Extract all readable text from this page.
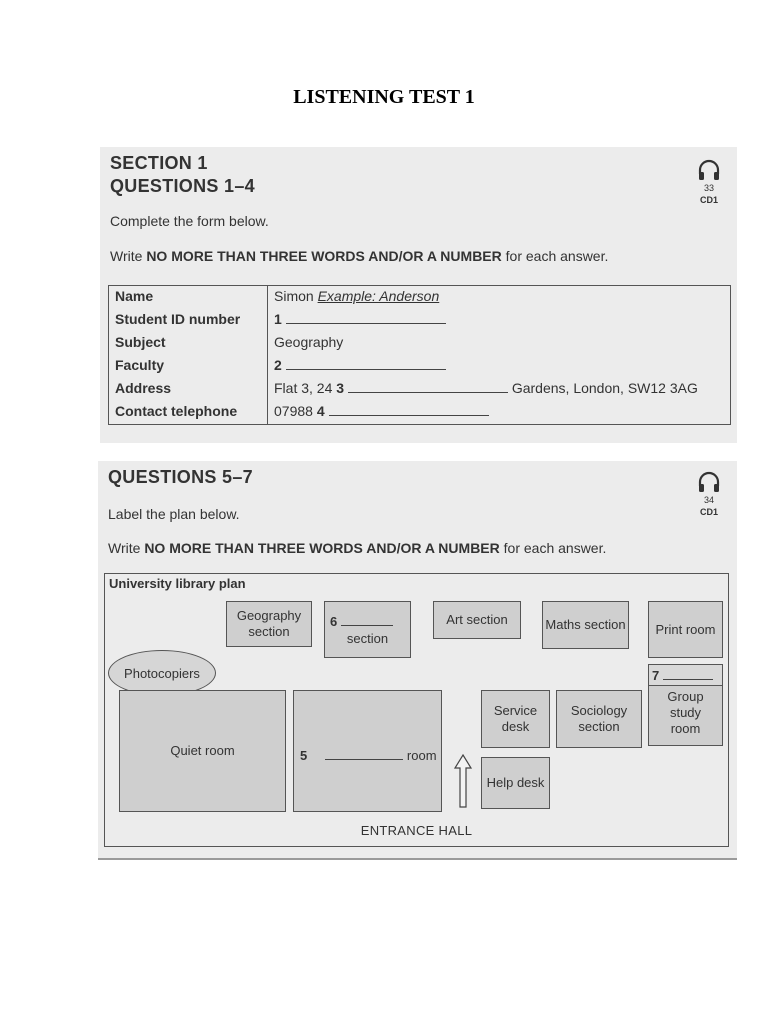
LISTENING TEST 1
SECTION 1
QUESTIONS 1–4	33
CD1
Complete the form below.
Write NO MORE THAN THREE WORDS AND/OR A NUMBER for each answer.
Name	Simon Example: Anderson
Student ID number 1
Subject	Geography
Faculty	2
Address	Flat 3, 24 3	Gardens, London, SW12 3AG
Contact telephone	07988 4
QUESTIONS 5–7
34
CD1
Label the plan below.
Write NO MORE THAN THREE WORDS AND/OR A NUMBER for each answer.
University library plan
Geography section
6
section
Art section	Maths section	Print room
Photocopiers	7
Group study room
Quiet room	5	room
Service desk
Sociology section
Help desk
ENTRANCE HALL
